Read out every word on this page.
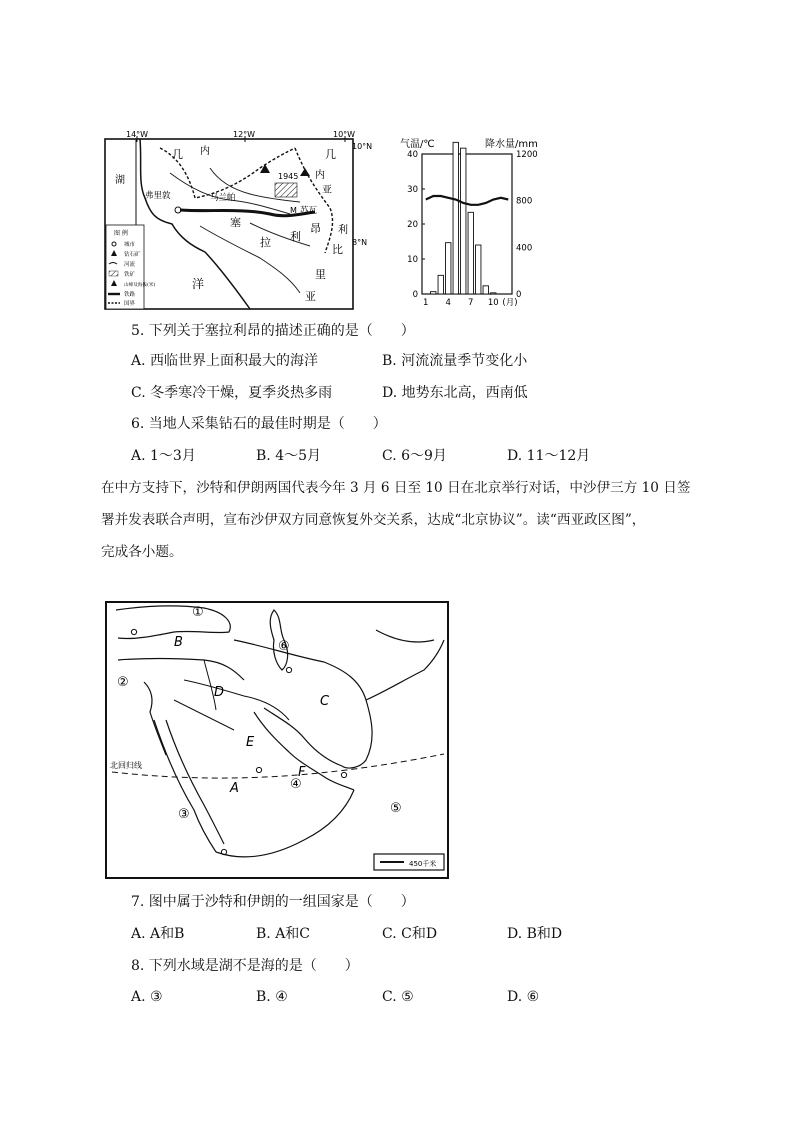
14°W	12°W	10°W
10°N
8°N
几 内
湖
几
内
亚
1945
马兰帕
弗里敦
M 苏瓦
塞
拉 利
昂 利
比
里
亚
洋
图 例
城市
钻石矿
河流
铁矿
山峰及海拔(米)
铁路
国界
气温/℃	降水量/mm
0
10
20
30
40
0
400
800
1200
1 4 7 10 (月)
5. 下列关于塞拉利昂的描述正确的是（　　）
A. 西临世界上面积最大的海洋	B. 河流流量季节变化小
C. 冬季寒冷干燥，夏季炎热多雨	D. 地势东北高，西南低
6. 当地人采集钻石的最佳时期是（　　）
A. 1～3月	B. 4～5月	C. 6～9月	D. 11～12月
在中方支持下，沙特和伊朗两国代表今年 3 月 6 日至 10 日在北京举行对话，中沙伊三方 10 日签
署并发表联合声明，宣布沙伊双方同意恢复外交关系，达成“北京协议”。读“西亚政区图”，
完成各小题。
北回归线
①
②
③
④
⑤
⑥
A
B
C
D
E
F
450千米
7. 图中属于沙特和伊朗的一组国家是（　　）
A. A和B	B. A和C	C. C和D	D. B和D
8. 下列水域是湖不是海的是（　　）
A. ③	B. ④	C. ⑤	D. ⑥
